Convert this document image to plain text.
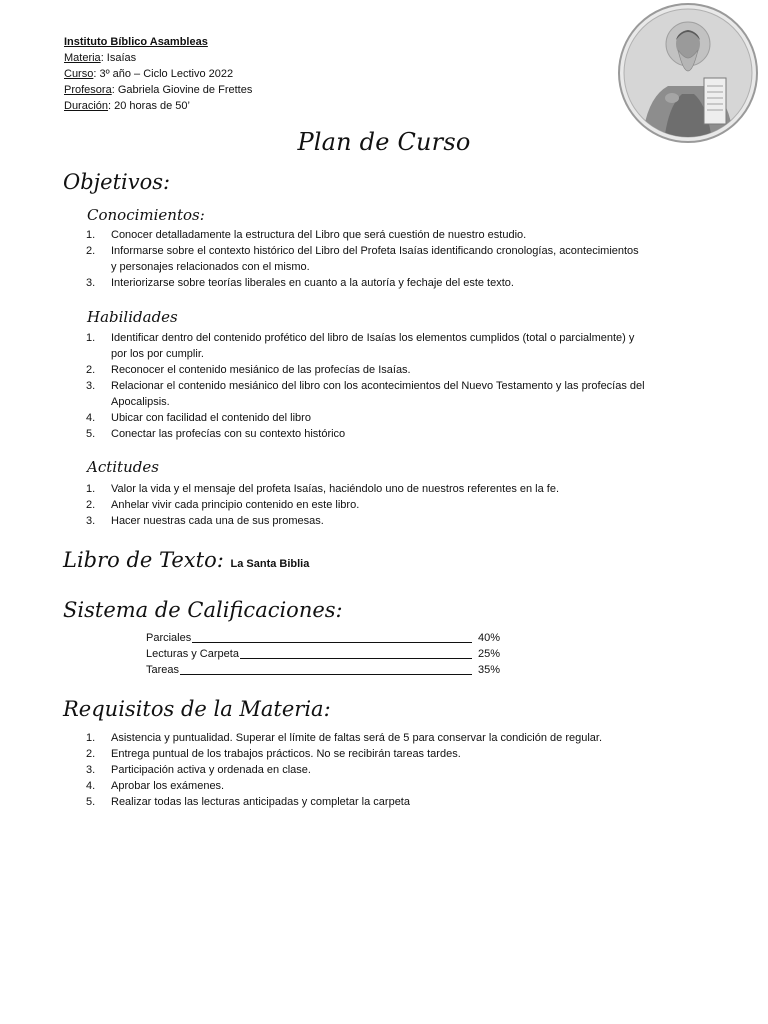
Instituto Bíblico Asambleas
Materia: Isaías
Curso: 3º año – Ciclo Lectivo 2022
Profesora: Gabriela Giovine de Frettes
Duración: 20 horas de 50’
Plan de Curso
Objetivos:
Conocimientos:
1. Conocer detalladamente la estructura del Libro que será cuestión de nuestro estudio.
2. Informarse sobre el contexto histórico del Libro del Profeta Isaías identificando cronologías, acontecimientos y personajes relacionados con el mismo.
3. Interiorizarse sobre teorías liberales en cuanto a la autoría y fechaje del este texto.
Habilidades
1. Identificar dentro del contenido profético del libro de Isaías los elementos cumplidos (total o parcialmente) y por los por cumplir.
2. Reconocer el contenido mesiánico de las profecías de Isaías.
3. Relacionar el contenido mesiánico del libro con los acontecimientos del Nuevo Testamento y las profecías del Apocalipsis.
4. Ubicar con facilidad el contenido del libro
5. Conectar las profecías con su contexto histórico
Actitudes
1. Valor la vida y el mensaje del profeta Isaías, haciéndolo uno de nuestros referentes en la fe.
2. Anhelar vivir cada principio contenido en este libro.
3. Hacer nuestras cada una de sus promesas.
Libro de Texto: La Santa Biblia
Sistema de Calificaciones:
Parciales	40%
Lecturas y Carpeta	25%
Tareas	35%
Requisitos de la Materia:
1. Asistencia y puntualidad. Superar el límite de faltas será de 5 para conservar la condición de regular.
2. Entrega puntual de los trabajos prácticos. No se recibirán tareas tardes.
3. Participación activa y ordenada en clase.
4. Aprobar los exámenes.
5. Realizar todas las lecturas anticipadas y completar la carpeta
